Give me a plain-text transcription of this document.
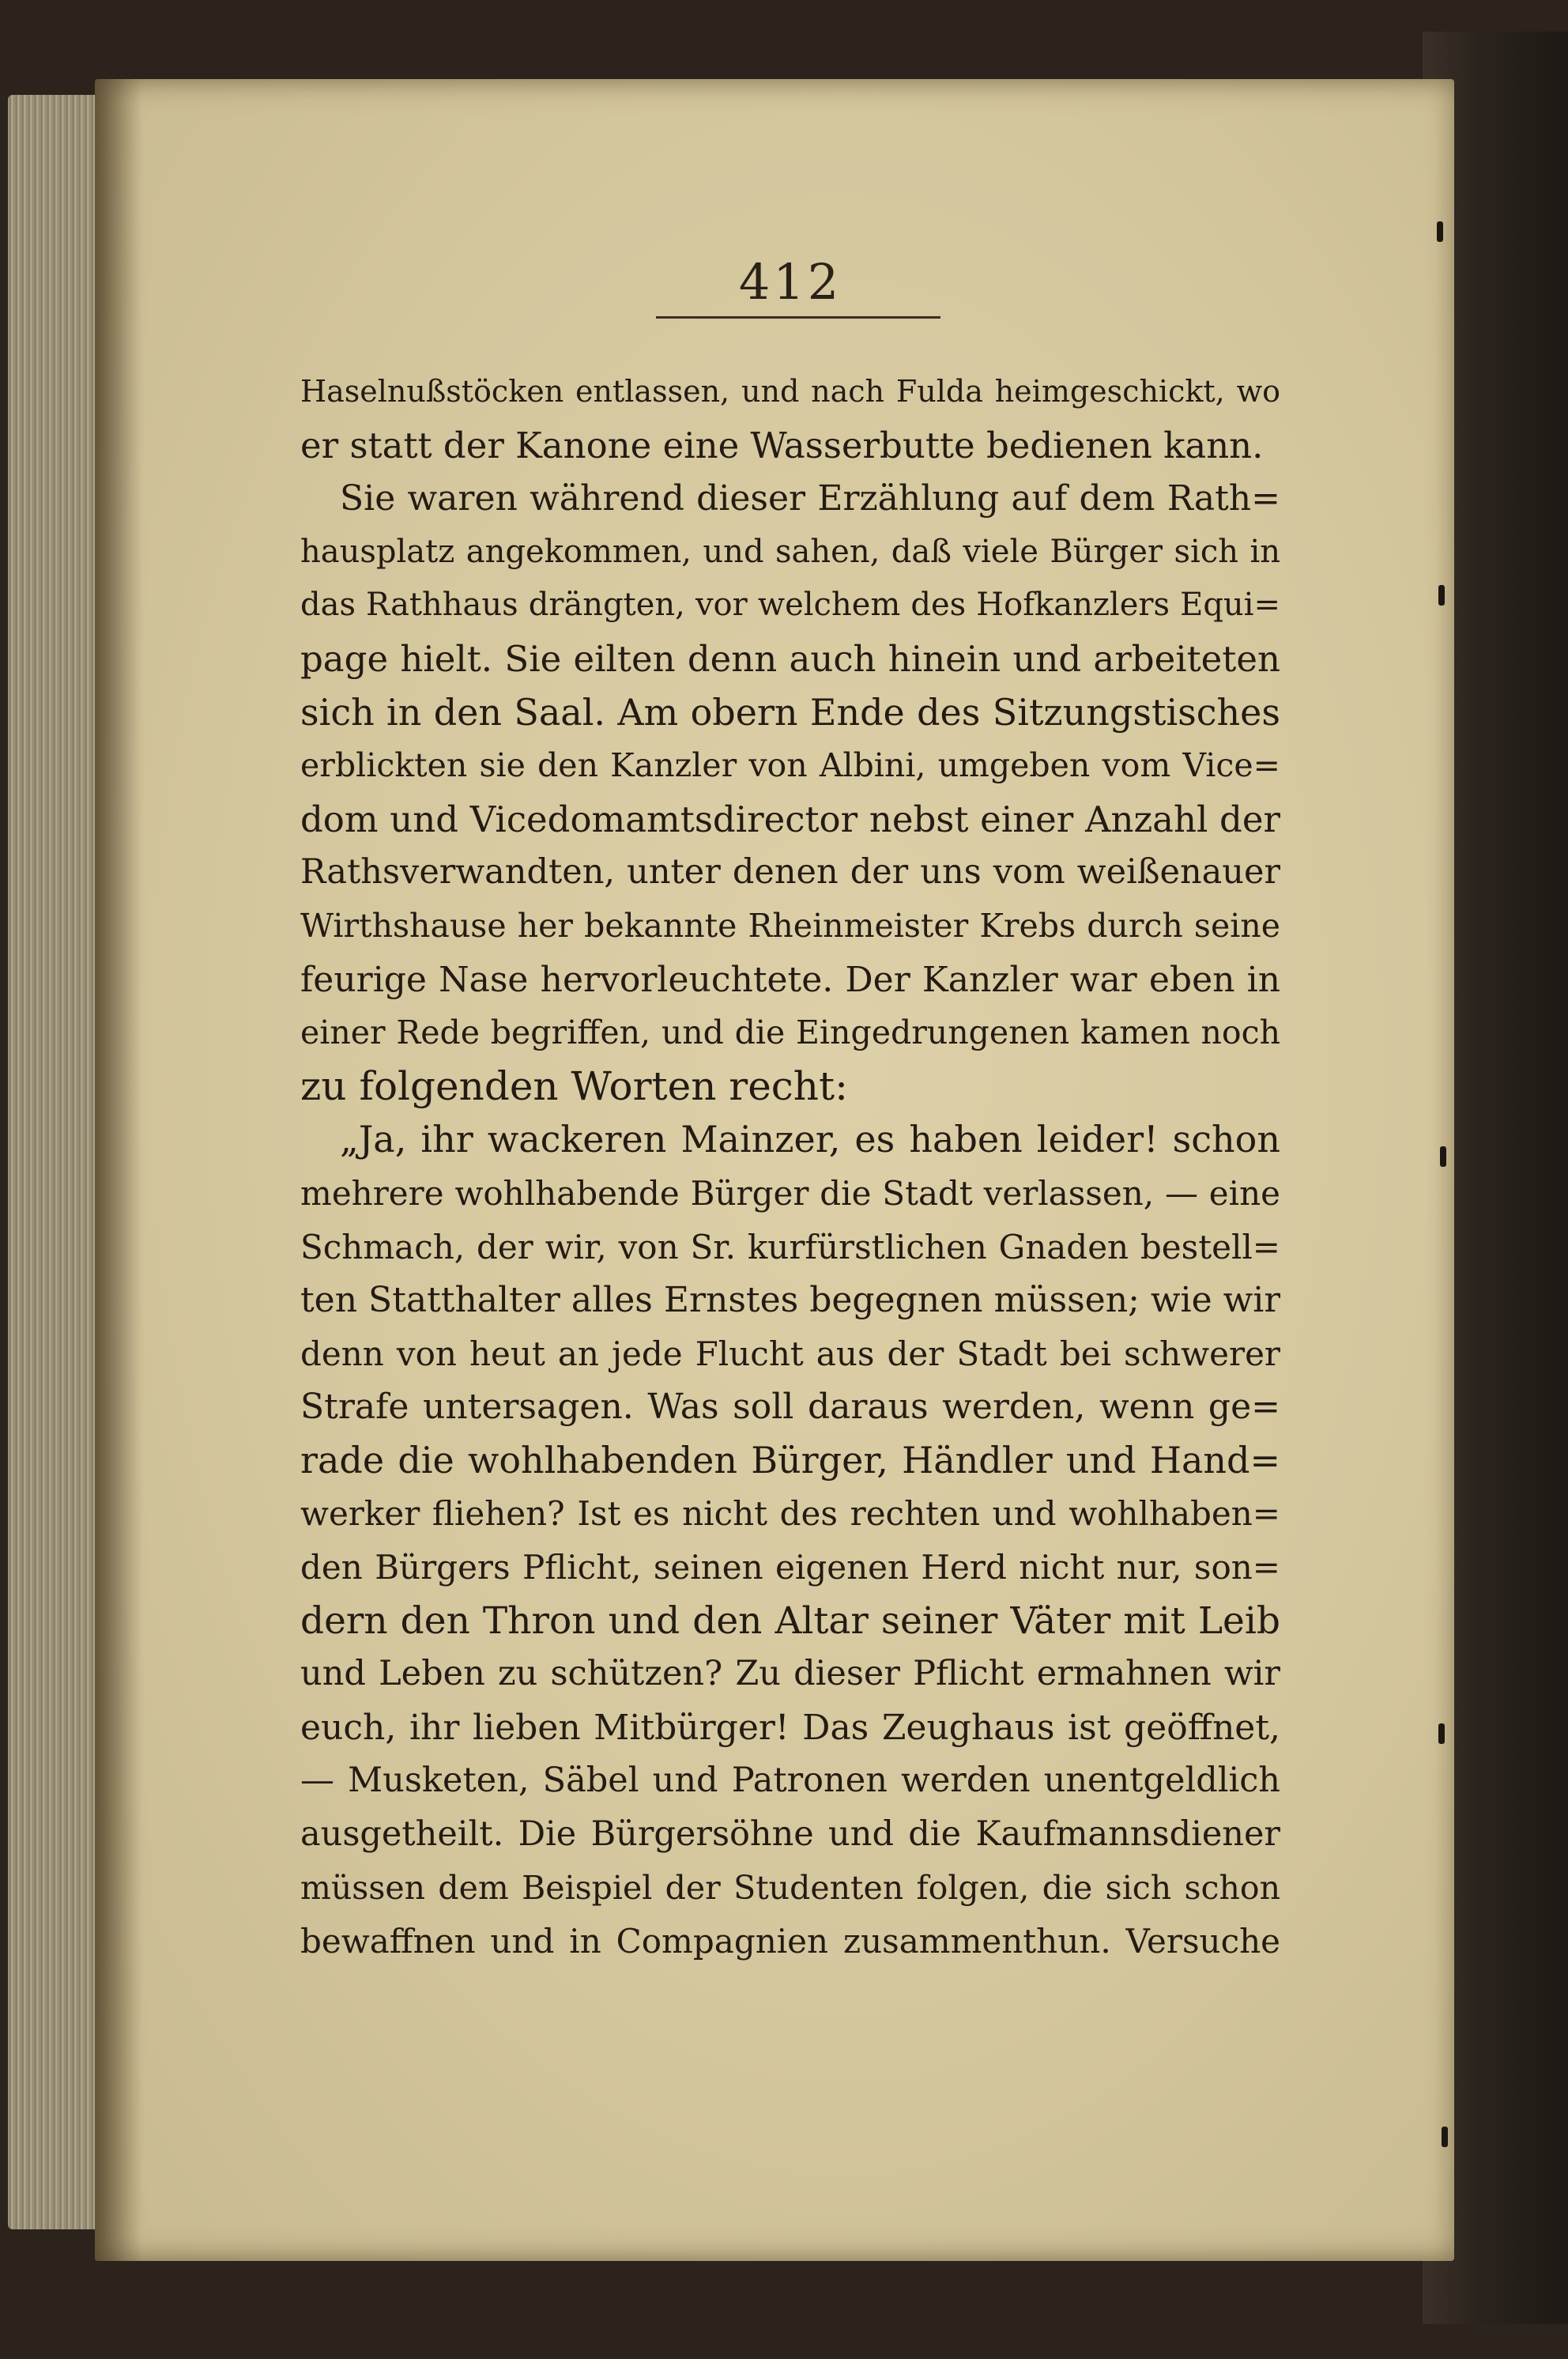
412
Haselnußstöcken entlassen, und nach Fulda heimgeschickt, wo
er statt der Kanone eine Wasserbutte bedienen kann.
Sie waren während dieser Erzählung auf dem Rath=
hausplatz angekommen, und sahen, daß viele Bürger sich in
das Rathhaus drängten, vor welchem des Hofkanzlers Equi=
page hielt. Sie eilten denn auch hinein und arbeiteten
sich in den Saal. Am obern Ende des Sitzungstisches
erblickten sie den Kanzler von Albini, umgeben vom Vice=
dom und Vicedomamtsdirector nebst einer Anzahl der
Rathsverwandten, unter denen der uns vom weißenauer
Wirthshause her bekannte Rheinmeister Krebs durch seine
feurige Nase hervorleuchtete. Der Kanzler war eben in
einer Rede begriffen, und die Eingedrungenen kamen noch
zu folgenden Worten recht:
„Ja, ihr wackeren Mainzer, es haben leider! schon
mehrere wohlhabende Bürger die Stadt verlassen, — eine
Schmach, der wir, von Sr. kurfürstlichen Gnaden bestell=
ten Statthalter alles Ernstes begegnen müssen; wie wir
denn von heut an jede Flucht aus der Stadt bei schwerer
Strafe untersagen. Was soll daraus werden, wenn ge=
rade die wohlhabenden Bürger, Händler und Hand=
werker fliehen? Ist es nicht des rechten und wohlhaben=
den Bürgers Pflicht, seinen eigenen Herd nicht nur, son=
dern den Thron und den Altar seiner Väter mit Leib
und Leben zu schützen? Zu dieser Pflicht ermahnen wir
euch, ihr lieben Mitbürger! Das Zeughaus ist geöffnet,
— Musketen, Säbel und Patronen werden unentgeldlich
ausgetheilt. Die Bürgersöhne und die Kaufmannsdiener
müssen dem Beispiel der Studenten folgen, die sich schon
bewaffnen und in Compagnien zusammenthun. Versuche
